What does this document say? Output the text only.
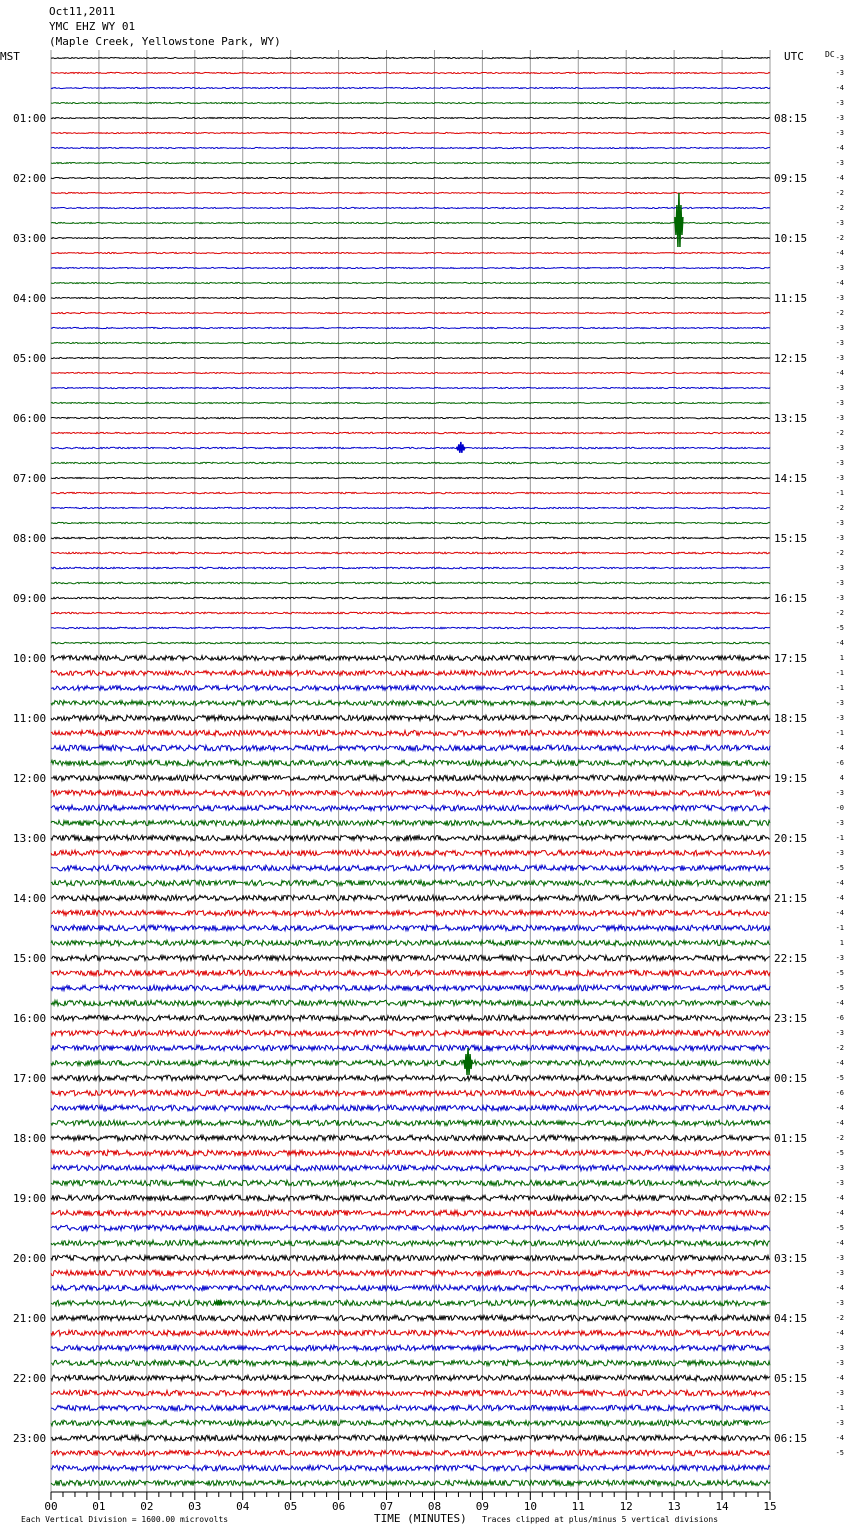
Oct11,2011
YMC EHZ WY 01
(Maple Creek, Yellowstone Park, WY)
MST	UTC	DC
01:00
02:00
03:00
04:00
05:00
06:00
07:00
08:00
09:00
10:00
11:00
12:00
13:00
14:00
15:00
16:00
17:00
18:00
19:00
20:00
21:00
22:00
23:00
08:15
09:15
10:15
11:15
12:15
13:15
14:15
15:15
16:15
17:15
18:15
19:15
20:15
21:15
22:15
23:15
00:15
01:15
02:15
03:15
04:15
05:15
06:15
-3
-3
-4
-3
-3
-3
-4
-3
-4
-2
-2
-3
-2
-4
-3
-4
-3
-2
-3
-3
-3
-4
-3
-3
-3
-2
-3
-3
-3
-1
-2
-3
-3
-2
-3
-3
-3
-2
-5
-4
1
-1
-1
-3
-3
-1
-4
-6
4
-3
-0
-3
-1
-3
-5
-4
-4
-4
-1
1
-3
-5
-5
-4
-6
-3
-2
-4
-5
-6
-4
-4
-2
-5
-3
-3
-4
-4
-5
-4
-3
-3
-4
-3
-2
-4
-3
-3
-4
-3
-1
-3
-4
-5
00	01	02	03	04	05	06	07	08	09	10	11	12	13	14	15
Each Vertical Division = 1600.00 microvolts	TIME (MINUTES) Traces clipped at plus/minus 5 vertical divisions
